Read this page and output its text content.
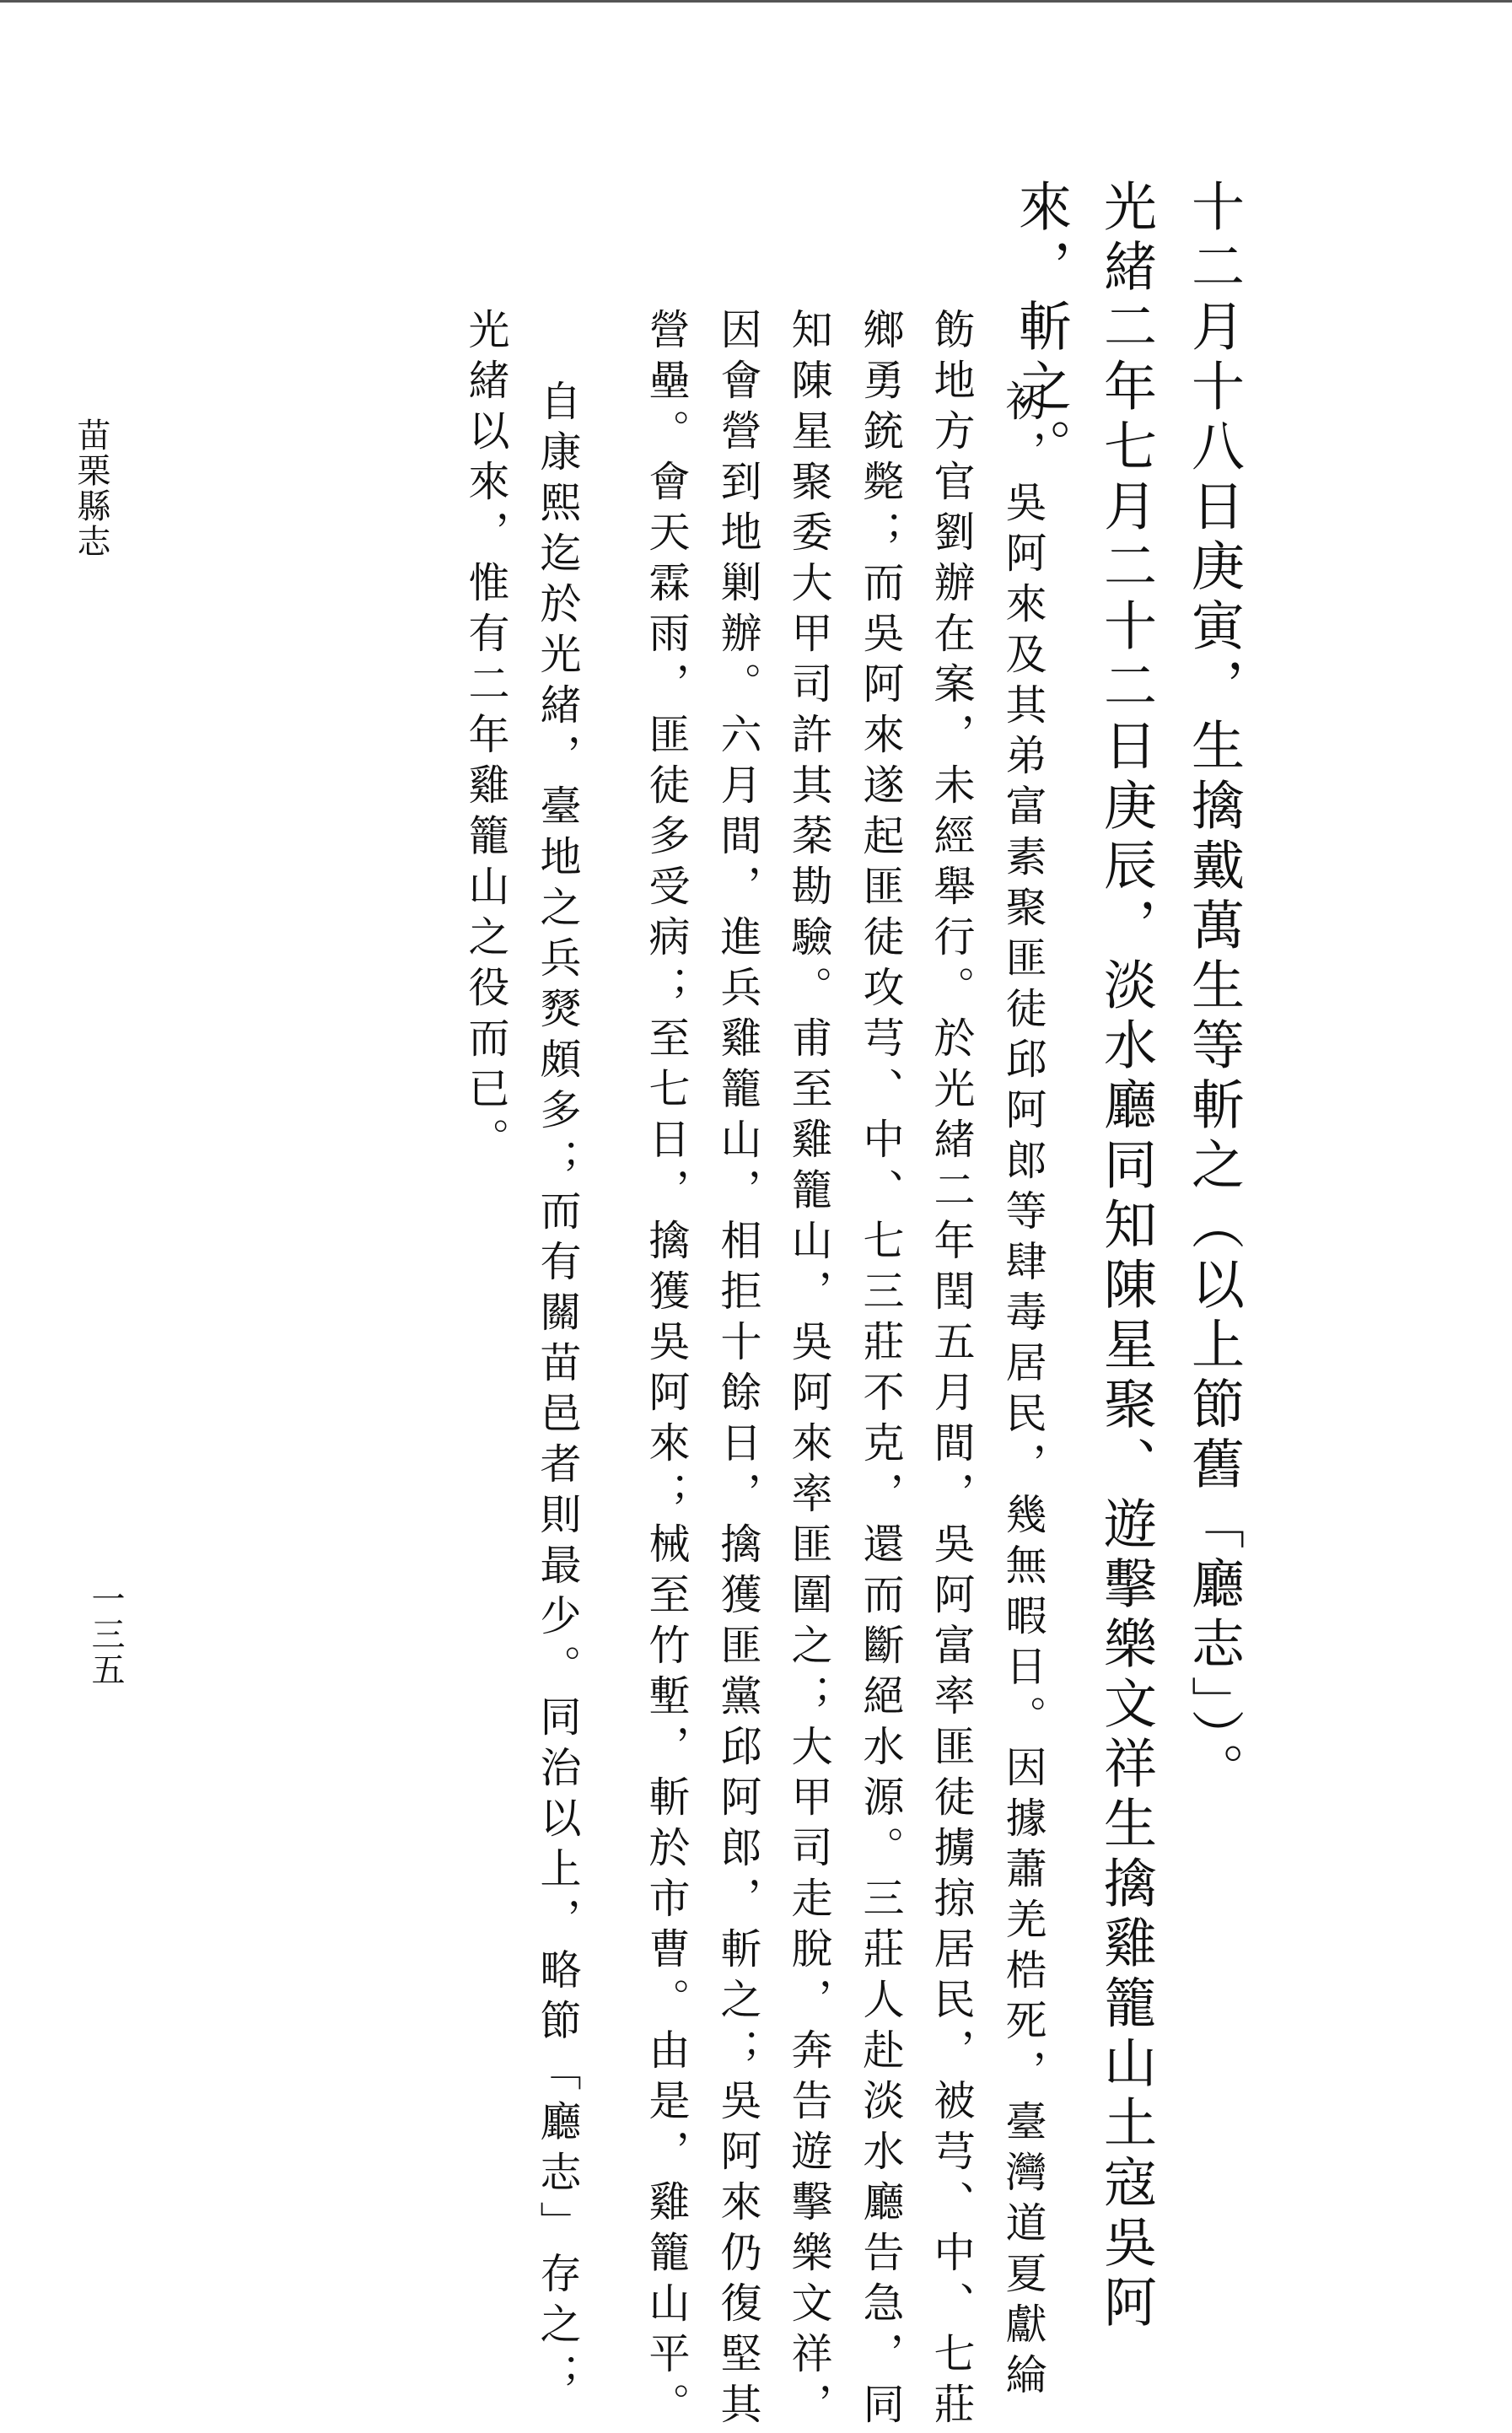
十二月十八日庚寅，生擒戴萬生等斬之（以上節舊「廳志」）。
光緒二年七月二十二日庚辰，淡水廳同知陳星聚、遊擊樂文祥生擒雞籠山土寇吳阿
來，斬之。
初，吳阿來及其弟富素聚匪徒邱阿郎等肆毒居民，幾無暇日。因據蕭羌梏死，臺灣道夏獻綸
飭地方官劉辦在案，未經舉行。於光緒二年閏五月間，吳阿富率匪徒擄掠居民，被芎、中、七莊
鄉勇銃斃；而吳阿來遂起匪徒攻芎、中、七三莊不克，還而斷絕水源。三莊人赴淡水廳告急，同
知陳星聚委大甲司許其棻勘驗。甫至雞籠山，吳阿來率匪圍之；大甲司走脫，奔告遊擊樂文祥，
因會營到地剿辦。六月間，進兵雞籠山，相拒十餘日，擒獲匪黨邱阿郎，斬之；吳阿來仍復堅其
營壘。會天霖雨，匪徒多受病；至七日，擒獲吳阿來；械至竹塹，斬於市曹。由是，雞籠山平。
自康熙迄於光緒，臺地之兵燹頗多；而有關苗邑者則最少。同治以上，略節「廳志」存之；
光緒以來，惟有二年雞籠山之役而已。
苗栗縣志
一三五
